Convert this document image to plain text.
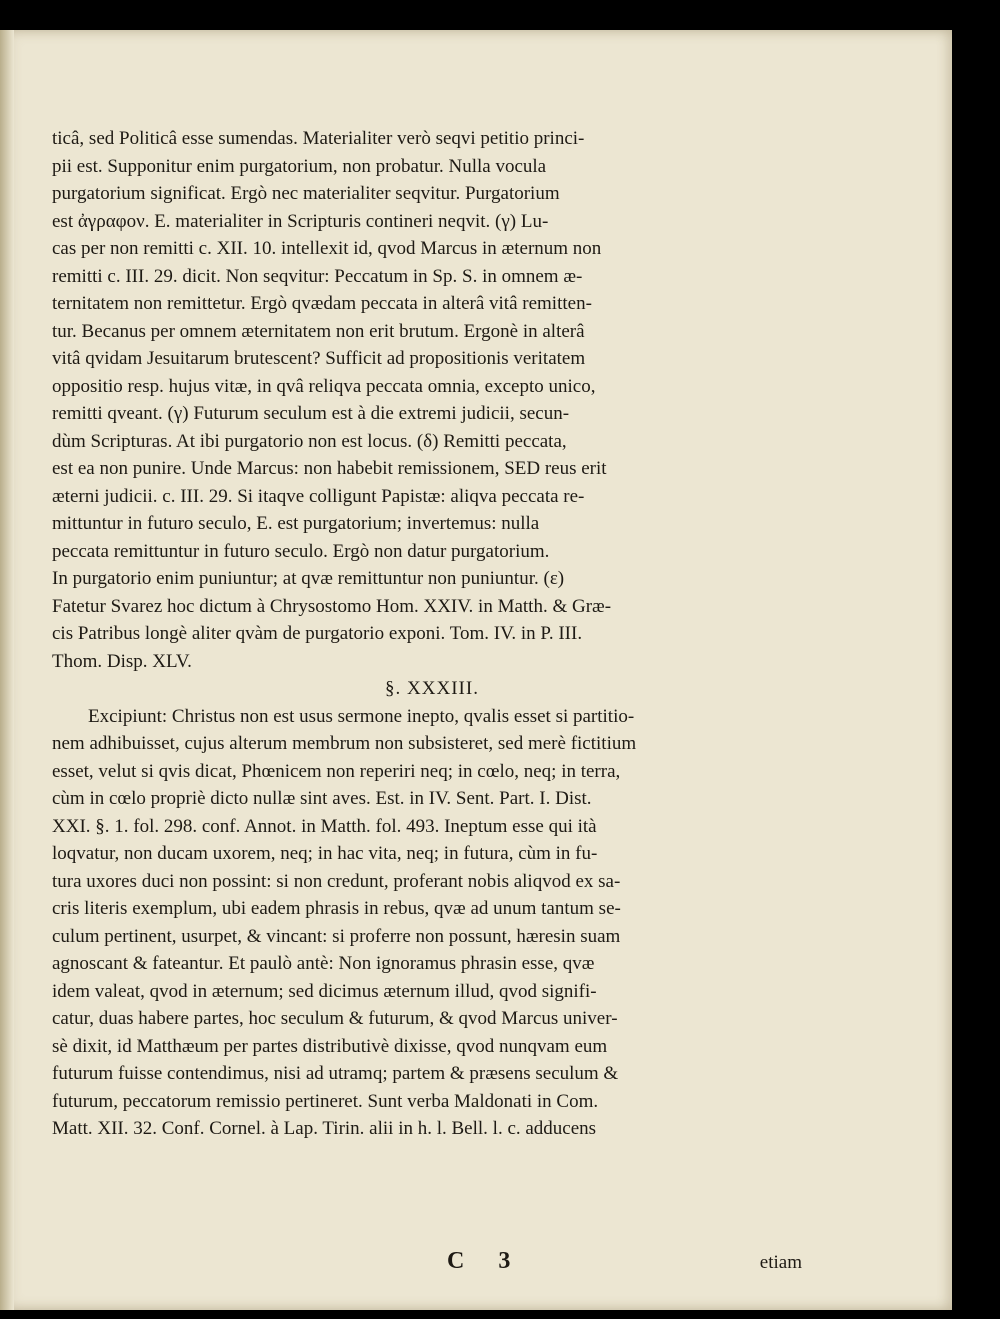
ticâ, sed Politicâ esse sumendas. Materialiter verò seqvi petitio princi-
pii est. Supponitur enim purgatorium, non probatur. Nulla vocula
purgatorium significat. Ergò nec materialiter seqvitur. Purgatorium
est ἀγραφον. E. materialiter in Scripturis contineri neqvit. (γ) Lu-
cas per non remitti c. XII. 10. intellexit id, qvod Marcus in æternum non
remitti c. III. 29. dicit. Non seqvitur: Peccatum in Sp. S. in omnem æ-
ternitatem non remittetur. Ergò qvædam peccata in alterâ vitâ remitten-
tur. Becanus per omnem æternitatem non erit brutum. Ergonè in alterâ
vitâ qvidam Jesuitarum brutescent? Sufficit ad propositionis veritatem
oppositio resp. hujus vitæ, in qvâ reliqva peccata omnia, excepto unico,
remitti qveant. (γ) Futurum seculum est à die extremi judicii, secun-
dùm Scripturas. At ibi purgatorio non est locus. (δ) Remitti peccata,
est ea non punire. Unde Marcus: non habebit remissionem, SED reus erit
æterni judicii. c. III. 29. Si itaqve colligunt Papistæ: aliqva peccata re-
mittuntur in futuro seculo, E. est purgatorium; invertemus: nulla
peccata remittuntur in futuro seculo. Ergò non datur purgatorium.
In purgatorio enim puniuntur; at qvæ remittuntur non puniuntur. (ε)
Fatetur Svarez hoc dictum à Chrysostomo Hom. XXIV. in Matth. & Græ-
cis Patribus longè aliter qvàm de purgatorio exponi. Tom. IV. in P. III.
Thom. Disp. XLV.
§. XXXIII.
Excipiunt: Christus non est usus sermone inepto, qvalis esset si partitio-
nem adhibuisset, cujus alterum membrum non subsisteret, sed merè fictitium
esset, velut si qvis dicat, Phœnicem non reperiri neq; in cœlo, neq; in terra,
cùm in cœlo propriè dicto nullæ sint aves. Est. in IV. Sent. Part. I. Dist.
XXI. §. 1. fol. 298. conf. Annot. in Matth. fol. 493. Ineptum esse qui ità
loqvatur, non ducam uxorem, neq; in hac vita, neq; in futura, cùm in fu-
tura uxores duci non possint: si non credunt, proferant nobis aliqvod ex sa-
cris literis exemplum, ubi eadem phrasis in rebus, qvæ ad unum tantum se-
culum pertinent, usurpet, & vincant: si proferre non possunt, hæresin suam
agnoscant & fateantur. Et paulò antè: Non ignoramus phrasin esse, qvæ
idem valeat, qvod in æternum; sed dicimus æternum illud, qvod signifi-
catur, duas habere partes, hoc seculum & futurum, & qvod Marcus univer-
sè dixit, id Matthæum per partes distributivè dixisse, qvod nunqvam eum
futurum fuisse contendimus, nisi ad utramq; partem & præsens seculum &
futurum, peccatorum remissio pertineret. Sunt verba Maldonati in Com.
Matt. XII. 32. Conf. Cornel. à Lap. Tirin. alii in h. l. Bell. l. c. adducens
C 3	etiam
